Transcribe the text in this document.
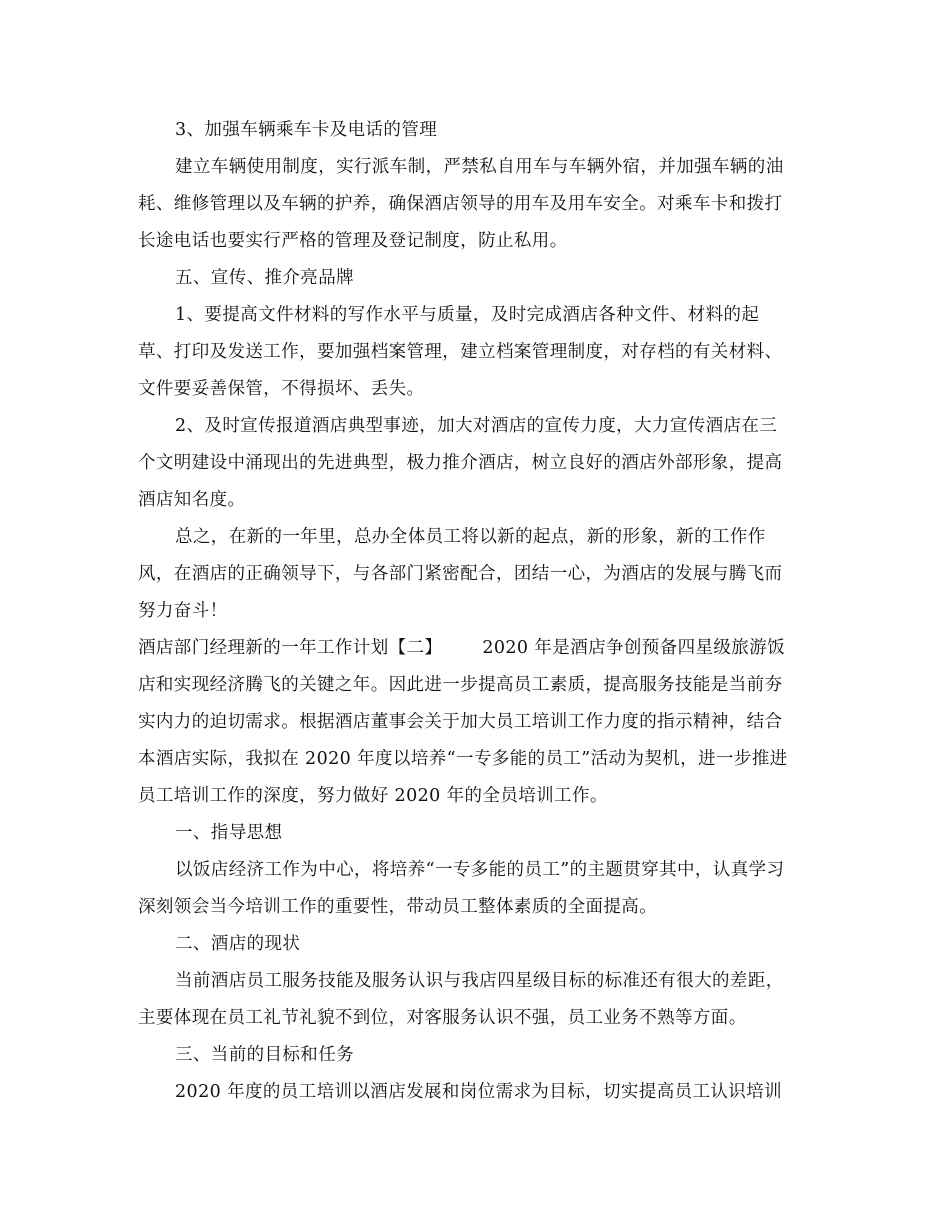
3、加强车辆乘车卡及电话的管理
建立车辆使用制度，实行派车制，严禁私自用车与车辆外宿，并加强车辆的油
耗、维修管理以及车辆的护养，确保酒店领导的用车及用车安全。对乘车卡和拨打
长途电话也要实行严格的管理及登记制度，防止私用。
五、宣传、推介亮品牌
1、要提高文件材料的写作水平与质量，及时完成酒店各种文件、材料的起
草、打印及发送工作，要加强档案管理，建立档案管理制度，对存档的有关材料、
文件要妥善保管，不得损坏、丢失。
2、及时宣传报道酒店典型事迹，加大对酒店的宣传力度，大力宣传酒店在三
个文明建设中涌现出的先进典型，极力推介酒店，树立良好的酒店外部形象，提高
酒店知名度。
总之，在新的一年里，总办全体员工将以新的起点，新的形象，新的工作作
风，在酒店的正确领导下，与各部门紧密配合，团结一心，为酒店的发展与腾飞而
努力奋斗！
酒店部门经理新的一年工作计划【二】 2020 年是酒店争创预备四星级旅游饭
店和实现经济腾飞的关键之年。因此进一步提高员工素质，提高服务技能是当前夯
实内力的迫切需求。根据酒店董事会关于加大员工培训工作力度的指示精神，结合
本酒店实际，我拟在 2020 年度以培养“一专多能的员工”活动为契机，进一步推进
员工培训工作的深度，努力做好 2020 年的全员培训工作。
一、指导思想
以饭店经济工作为中心，将培养“一专多能的员工”的主题贯穿其中，认真学习
深刻领会当今培训工作的重要性，带动员工整体素质的全面提高。
二、酒店的现状
当前酒店员工服务技能及服务认识与我店四星级目标的标准还有很大的差距，
主要体现在员工礼节礼貌不到位，对客服务认识不强，员工业务不熟等方面。
三、当前的目标和任务
2020 年度的员工培训以酒店发展和岗位需求为目标，切实提高员工认识培训
